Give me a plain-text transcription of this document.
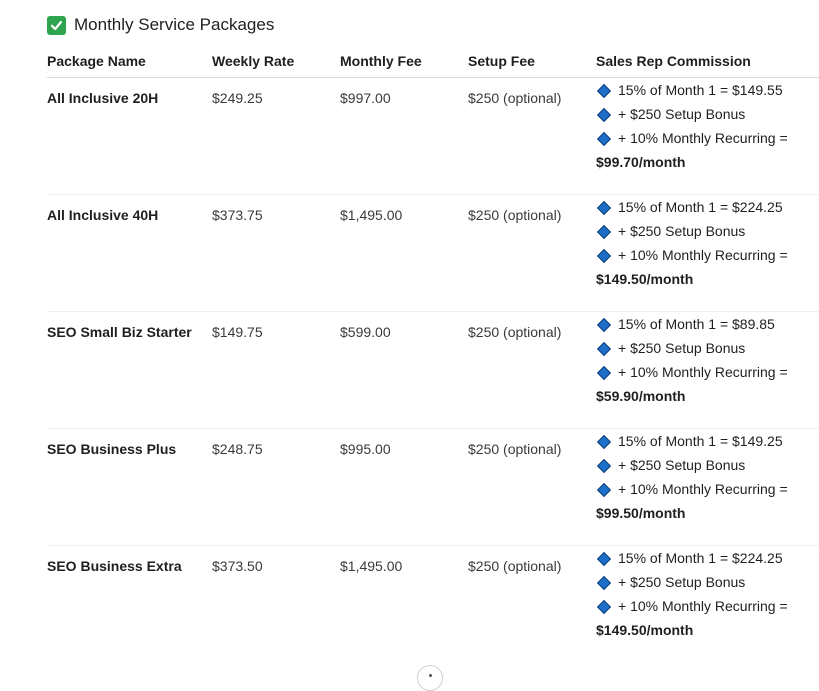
Monthly Service Packages
Package Name	Weekly Rate	Monthly Fee	Setup Fee	Sales Rep Commission
All Inclusive 20H	$249.25	$997.00	$250 (optional)	15% of Month 1 = $149.55
+ $250 Setup Bonus
+ 10% Monthly Recurring =
$99.70/month

All Inclusive 40H	$373.75	$1,495.00	$250 (optional)	15% of Month 1 = $224.25
+ $250 Setup Bonus
+ 10% Monthly Recurring =
$149.50/month

SEO Small Biz Starter	$149.75	$599.00	$250 (optional)	15% of Month 1 = $89.85
+ $250 Setup Bonus
+ 10% Monthly Recurring =
$59.90/month

SEO Business Plus	$248.75	$995.00	$250 (optional)	15% of Month 1 = $149.25
+ $250 Setup Bonus
+ 10% Monthly Recurring =
$99.50/month

SEO Business Extra	$373.50	$1,495.00	$250 (optional)	15% of Month 1 = $224.25
+ $250 Setup Bonus
+ 10% Monthly Recurring =
$149.50/month
